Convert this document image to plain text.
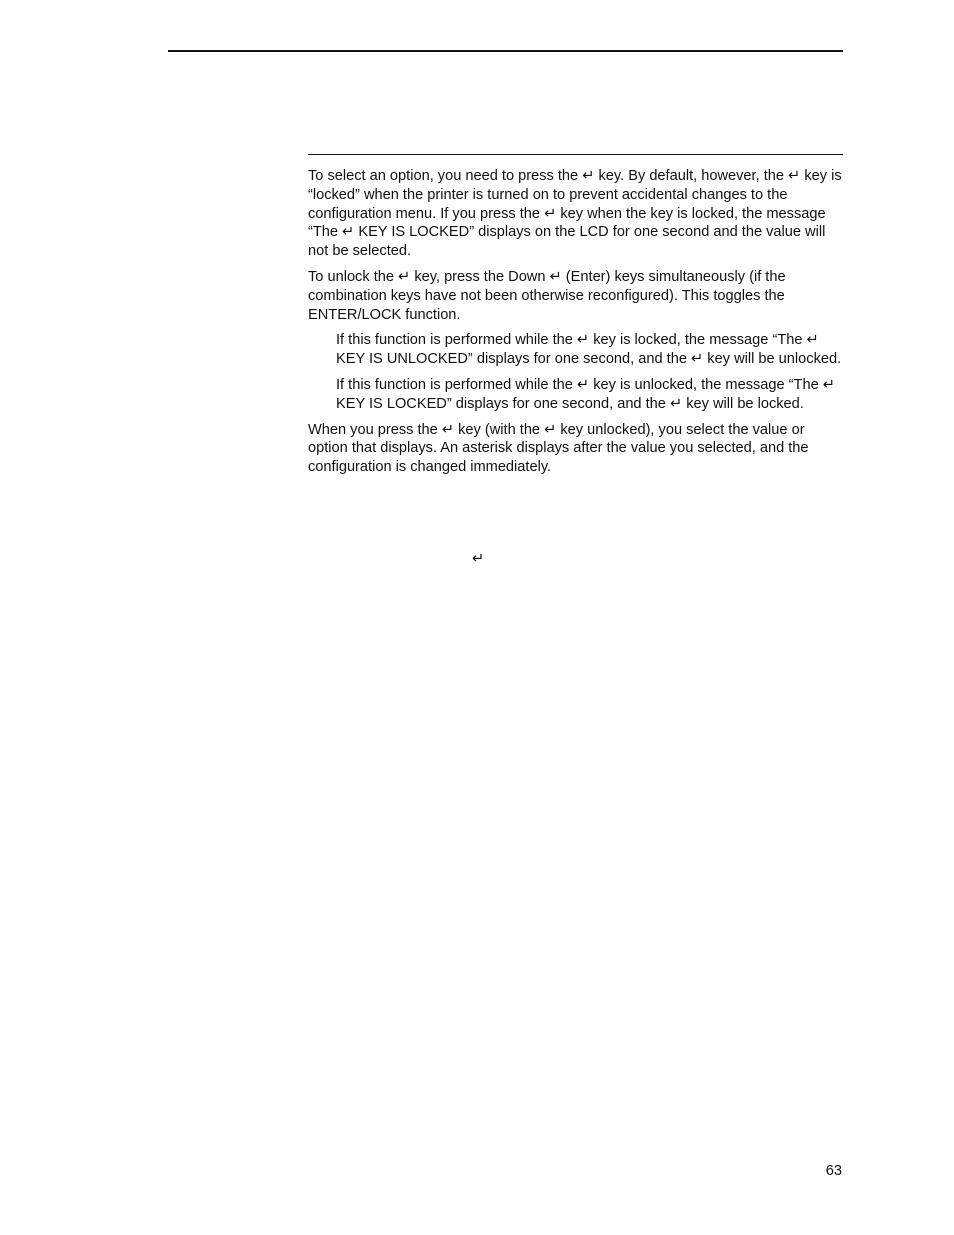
To select an option, you need to press the ↵ key. By default, however, the ↵ key is “locked” when the printer is turned on to prevent accidental changes to the configuration menu. If you press the ↵ key when the key is locked, the message “The ↵ KEY IS LOCKED” displays on the LCD for one second and the value will not be selected.

To unlock the ↵ key, press the Down ↵ (Enter) keys simultaneously (if the combination keys have not been otherwise reconfigured). This toggles the ENTER/LOCK function.

If this function is performed while the ↵ key is locked, the message “The ↵ KEY IS UNLOCKED” displays for one second, and the ↵ key will be unlocked.

If this function is performed while the ↵ key is unlocked, the message “The ↵ KEY IS LOCKED” displays for one second, and the ↵ key will be locked.

When you press the ↵ key (with the ↵ key unlocked), you select the value or option that displays. An asterisk displays after the value you selected, and the configuration is changed immediately.

↵
63
